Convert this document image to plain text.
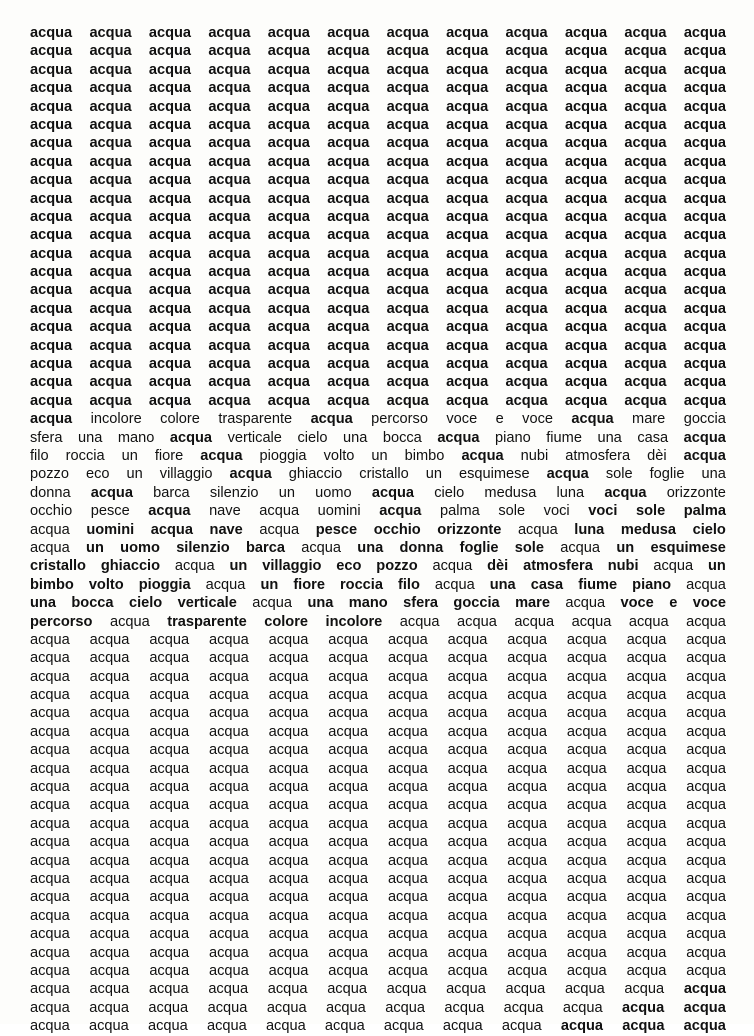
acqua acqua acqua acqua acqua acqua acqua acqua acqua acqua acqua acqua
acqua acqua acqua acqua acqua acqua acqua acqua acqua acqua acqua acqua
acqua acqua acqua acqua acqua acqua acqua acqua acqua acqua acqua acqua
acqua acqua acqua acqua acqua acqua acqua acqua acqua acqua acqua acqua
acqua acqua acqua acqua acqua acqua acqua acqua acqua acqua acqua acqua
acqua acqua acqua acqua acqua acqua acqua acqua acqua acqua acqua acqua
acqua acqua acqua acqua acqua acqua acqua acqua acqua acqua acqua acqua
acqua acqua acqua acqua acqua acqua acqua acqua acqua acqua acqua acqua
acqua acqua acqua acqua acqua acqua acqua acqua acqua acqua acqua acqua
acqua acqua acqua acqua acqua acqua acqua acqua acqua acqua acqua acqua
acqua acqua acqua acqua acqua acqua acqua acqua acqua acqua acqua acqua
acqua acqua acqua acqua acqua acqua acqua acqua acqua acqua acqua acqua
acqua acqua acqua acqua acqua acqua acqua acqua acqua acqua acqua acqua
acqua acqua acqua acqua acqua acqua acqua acqua acqua acqua acqua acqua
acqua acqua acqua acqua acqua acqua acqua acqua acqua acqua acqua acqua
acqua acqua acqua acqua acqua acqua acqua acqua acqua acqua acqua acqua
acqua acqua acqua acqua acqua acqua acqua acqua acqua acqua acqua acqua
acqua acqua acqua acqua acqua acqua acqua acqua acqua acqua acqua acqua
acqua acqua acqua acqua acqua acqua acqua acqua acqua acqua acqua acqua
acqua acqua acqua acqua acqua acqua acqua acqua acqua acqua acqua acqua
acqua acqua acqua acqua acqua acqua acqua acqua acqua acqua acqua acqua
acqua incolore colore trasparente acqua percorso voce e voce acqua mare goccia
sfera una mano acqua verticale cielo una bocca acqua piano fiume una casa acqua
filo roccia un fiore acqua pioggia volto un bimbo acqua nubi atmosfera dèi acqua
pozzo eco un villaggio acqua ghiaccio cristallo un esquimese acqua sole foglie una
donna acqua barca silenzio un uomo acqua cielo medusa luna acqua orizzonte
occhio pesce acqua nave acqua uomini acqua palma sole voci voci sole palma
acqua uomini acqua nave acqua pesce occhio orizzonte acqua luna medusa cielo
acqua un uomo silenzio barca acqua una donna foglie sole acqua un esquimese
cristallo ghiaccio acqua un villaggio eco pozzo acqua dèi atmosfera nubi acqua un
bimbo volto pioggia acqua un fiore roccia filo acqua una casa fiume piano acqua
una bocca cielo verticale acqua una mano sfera goccia mare acqua voce e voce
percorso acqua trasparente colore incolore acqua acqua acqua acqua acqua acqua
acqua acqua acqua acqua acqua acqua acqua acqua acqua acqua acqua acqua
acqua acqua acqua acqua acqua acqua acqua acqua acqua acqua acqua acqua
acqua acqua acqua acqua acqua acqua acqua acqua acqua acqua acqua acqua
acqua acqua acqua acqua acqua acqua acqua acqua acqua acqua acqua acqua
acqua acqua acqua acqua acqua acqua acqua acqua acqua acqua acqua acqua
acqua acqua acqua acqua acqua acqua acqua acqua acqua acqua acqua acqua
acqua acqua acqua acqua acqua acqua acqua acqua acqua acqua acqua acqua
acqua acqua acqua acqua acqua acqua acqua acqua acqua acqua acqua acqua
acqua acqua acqua acqua acqua acqua acqua acqua acqua acqua acqua acqua
acqua acqua acqua acqua acqua acqua acqua acqua acqua acqua acqua acqua
acqua acqua acqua acqua acqua acqua acqua acqua acqua acqua acqua acqua
acqua acqua acqua acqua acqua acqua acqua acqua acqua acqua acqua acqua
acqua acqua acqua acqua acqua acqua acqua acqua acqua acqua acqua acqua
acqua acqua acqua acqua acqua acqua acqua acqua acqua acqua acqua acqua
acqua acqua acqua acqua acqua acqua acqua acqua acqua acqua acqua acqua
acqua acqua acqua acqua acqua acqua acqua acqua acqua acqua acqua acqua
acqua acqua acqua acqua acqua acqua acqua acqua acqua acqua acqua acqua
acqua acqua acqua acqua acqua acqua acqua acqua acqua acqua acqua acqua
acqua acqua acqua acqua acqua acqua acqua acqua acqua acqua acqua acqua
acqua acqua acqua acqua acqua acqua acqua acqua acqua acqua acqua acqua
acqua acqua acqua acqua acqua acqua acqua acqua acqua acqua acqua acqua
acqua acqua acqua acqua acqua acqua acqua acqua acqua acqua acqua acqua
